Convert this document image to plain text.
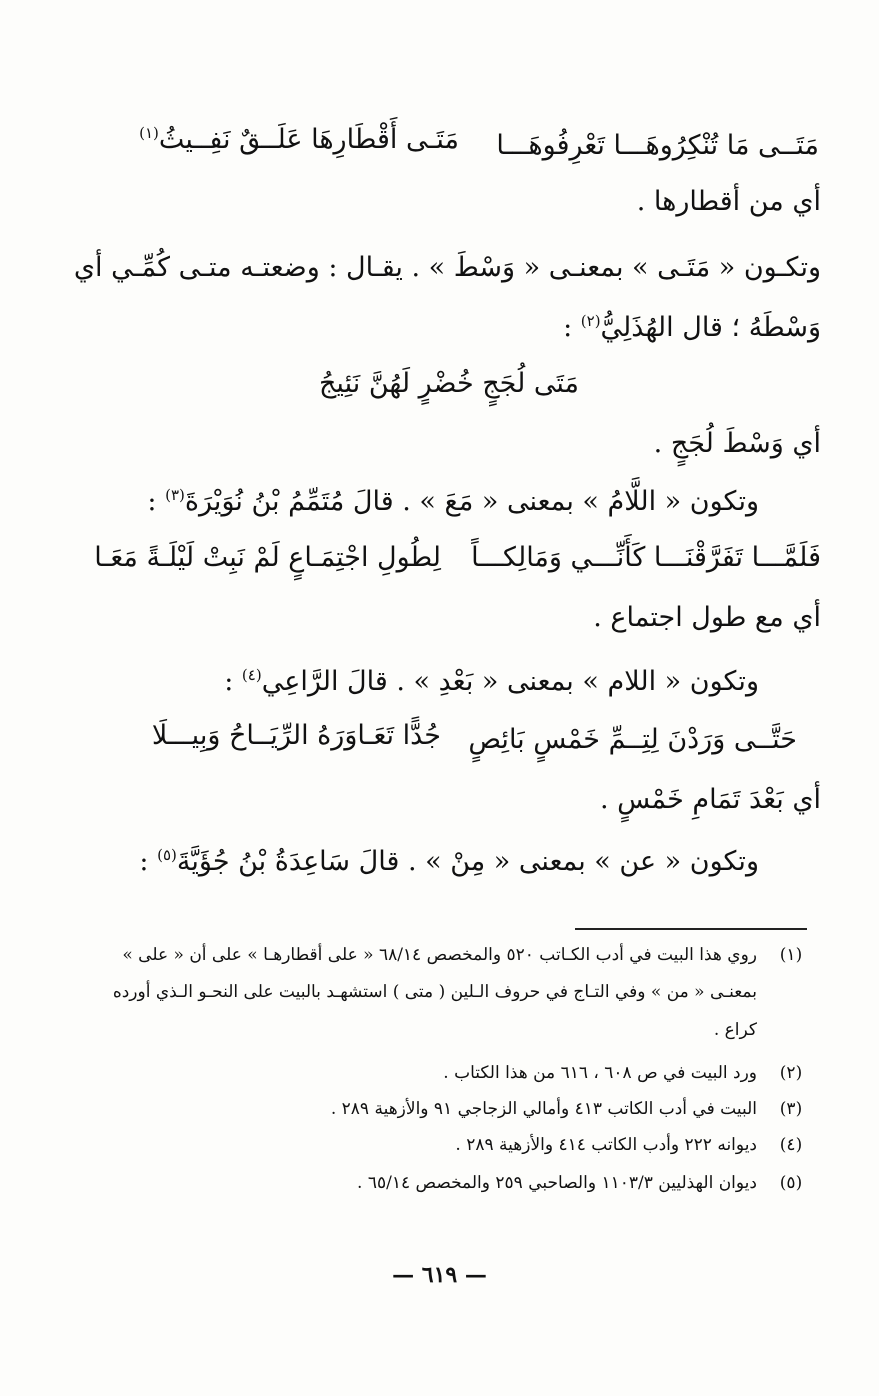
مَتَــى مَا تُنْكِرُوهَـــا تَعْرِفُوهَـــا
مَتَـى أَقْطَارِهَا عَلَــقٌ نَفِــيثُ$^{(١)}$
أي من أقطارها .
وتكـون « مَتَـى » بمعنـى « وَسْطَ » . يقـال : وضعتـه متـى كُمِّـي أي
وَسْطَهُ ؛ قال الهُذَلِيُّ$^{(٢)}$ :
مَتَى لُجَجٍ خُضْرٍ لَهُنَّ نَئِيجُ
أي وَسْطَ لُجَجٍ .
وتكون « اللَّامُ » بمعنى « مَعَ » . قالَ مُتَمِّمُ بْنُ نُوَيْرَةَ$^{(٣)}$ :
فَلَمَّـــا تَفَرَّقْنَـــا كَأَنِّـــي وَمَالِكـــاً
لِطُولِ اجْتِمَـاعٍ لَمْ نَبِتْ لَيْلَـةً مَعَـا
أي مع طول اجتماع .
وتكون « اللام » بمعنى « بَعْدِ » . قالَ الرَّاعِي$^{(٤)}$ :
حَتَّــى وَرَدْنَ لِتِــمِّ خَمْسٍ بَائِصٍ
جُدًّا تَعَـاوَرَهُ الرِّيَــاحُ وَبِيـــلَا
أي بَعْدَ تَمَامِ خَمْسٍ .
وتكون « عن » بمعنى « مِنْ » . قالَ سَاعِدَةُ بْنُ جُؤَيَّةَ$^{(٥)}$ :
(١)
روي هذا البيت في أدب الكـاتب ٥٢٠ والمخصص ٦٨/١٤ « على أقطارهـا » على أن « على »
بمعنـى « من » وفي التـاج في حروف الـلين ( متى ) استشهـد بالبيت على النحـو الـذي أورده
كراع .
(٢)
ورد البيت في ص ٦٠٨ ، ٦١٦ من هذا الكتاب .
(٣)
البيت في أدب الكاتب ٤١٣ وأمالي الزجاجي ٩١ والأزهية ٢٨٩ .
(٤)
ديوانه ٢٢٢ وأدب الكاتب ٤١٤ والأزهية ٢٨٩ .
(٥)
ديوان الهذليين ١١٠٣/٣ والصاحبي ٢٥٩ والمخصص ٦٥/١٤ .
— ٦١٩ —
